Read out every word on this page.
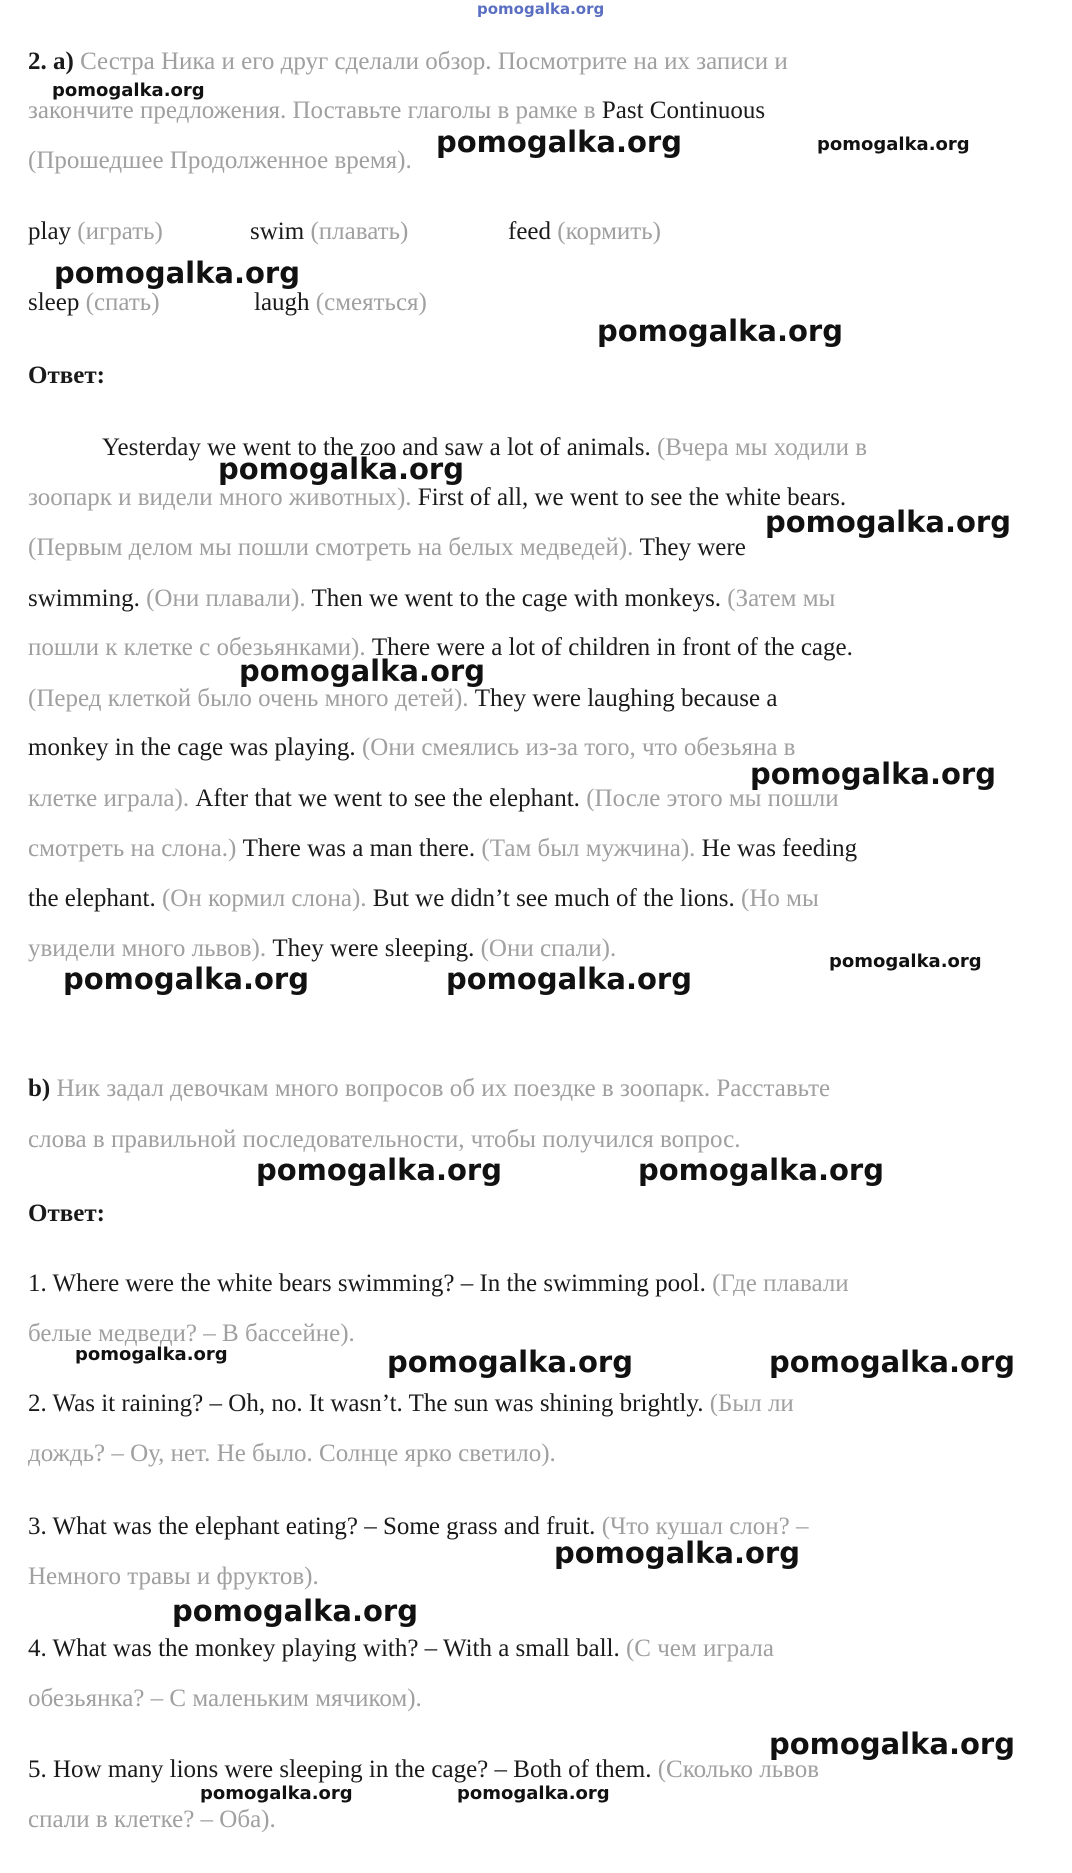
pomogalka.org
2. a) Сестра Ника и его друг сделали обзор. Посмотрите на их записи и
закончите предложения. Поставьте глаголы в рамке в Past Continuous
(Прошедшее Продолженное время).
play (играть)	swim (плавать)	feed (кормить)
sleep (спать)	laugh (смеяться)
Ответ:
Yesterday we went to the zoo and saw a lot of animals. (Вчера мы ходили в
зоопарк и видели много животных). First of all, we went to see the white bears.
(Первым делом мы пошли смотреть на белых медведей). They were
swimming. (Они плавали). Then we went to the cage with monkeys. (Затем мы
пошли к клетке с обезьянками). There were a lot of children in front of the cage.
(Перед клеткой было очень много детей). They were laughing because a
monkey in the cage was playing. (Они смеялись из-за того, что обезьяна в
клетке играла). After that we went to see the elephant. (После этого мы пошли
смотреть на слона.) There was a man there. (Там был мужчина). He was feeding
the elephant. (Он кормил слона). But we didn’t see much of the lions. (Но мы
увидели много львов). They were sleeping. (Они спали).
b) Ник задал девочкам много вопросов об их поездке в зоопарк. Расставьте
слова в правильной последовательности, чтобы получился вопрос.
Ответ:
1. Where were the white bears swimming? – In the swimming pool. (Где плавали
белые медведи? – В бассейне).
2. Was it raining? – Oh, no. It wasn’t. The sun was shining brightly. (Был ли
дождь? – Оу, нет. Не было. Солнце ярко светило).
3. What was the elephant eating? – Some grass and fruit. (Что кушал слон? –
Немного травы и фруктов).
4. What was the monkey playing with? – With a small ball. (С чем играла
обезьянка? – С маленьким мячиком).
5. How many lions were sleeping in the cage? – Both of them. (Сколько львов
спали в клетке? – Оба).
pomogalka.org
pomogalka.org	pomogalka.org
pomogalka.org
pomogalka.org
pomogalka.org
pomogalka.org
pomogalka.org
pomogalka.org
pomogalka.org
pomogalka.org	pomogalka.org
pomogalka.org	pomogalka.org
pomogalka.org	pomogalka.org	pomogalka.org
pomogalka.org
pomogalka.org
pomogalka.org
pomogalka.org	pomogalka.org
